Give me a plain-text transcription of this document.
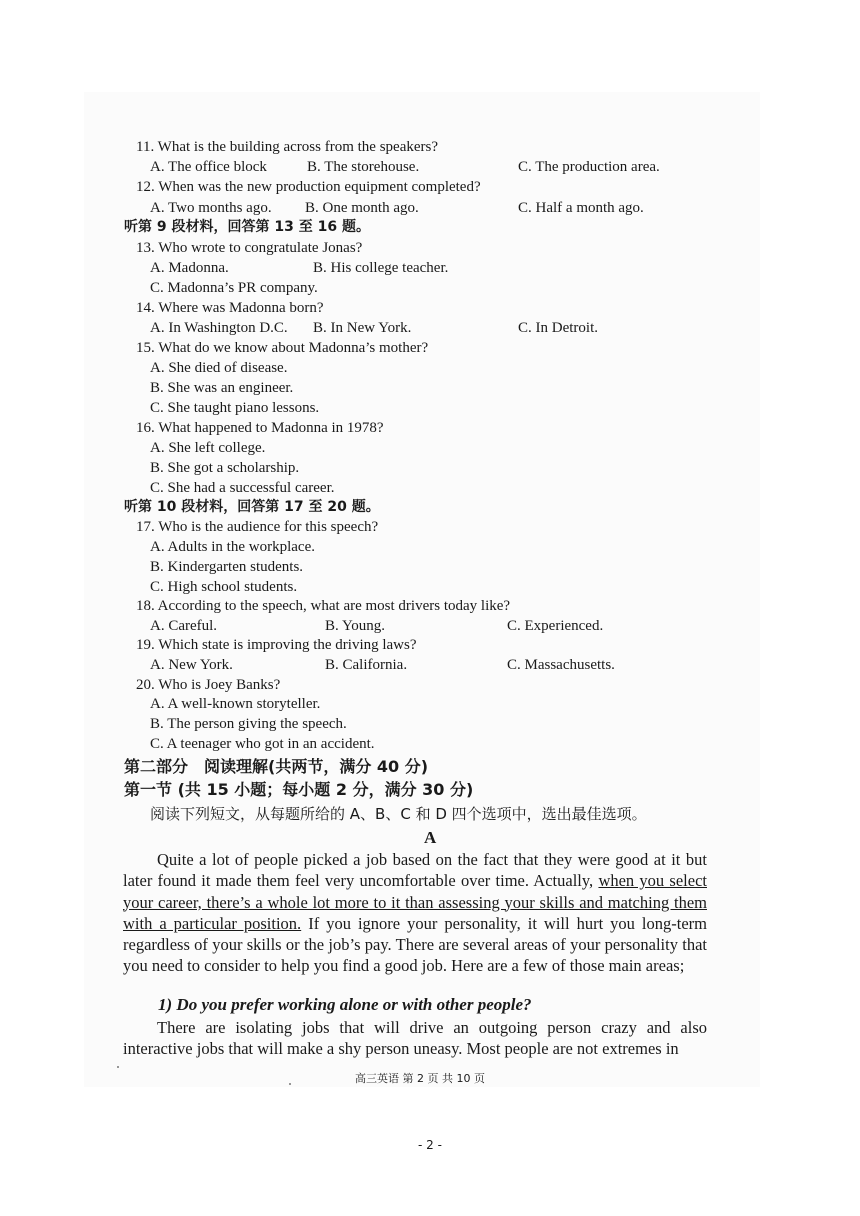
11. What is the building across from the speakers?
A. The office block	B. The storehouse.	C. The production area.
12. When was the new production equipment completed?
A. Two months ago. B. One month ago.	C. Half a month ago.
听第 9 段材料，回答第 13 至 16 题。
13. Who wrote to congratulate Jonas?
A. Madonna.	B. His college teacher.
C. Madonna’s PR company.
14. Where was Madonna born?
A. In Washington D.C. B. In New York.	C. In Detroit.
15. What do we know about Madonna’s mother?
A. She died of disease.
B. She was an engineer.
C. She taught piano lessons.
16. What happened to Madonna in 1978?
A. She left college.
B. She got a scholarship.
C. She had a successful career.
听第 10 段材料，回答第 17 至 20 题。
17. Who is the audience for this speech?
A. Adults in the workplace.
B. Kindergarten students.
C. High school students.
18. According to the speech, what are most drivers today like?
A. Careful.	B. Young.	C. Experienced.
19. Which state is improving the driving laws?
A. New York.	B. California.	C. Massachusetts.
20. Who is Joey Banks?
A. A well-known storyteller.
B. The person giving the speech.
C. A teenager who got in an accident.
第二部分　阅读理解(共两节，满分 40 分)
第一节 (共 15 小题；每小题 2 分，满分 30 分)
阅读下列短文，从每题所给的 A、B、C 和 D 四个选项中，选出最佳选项。
A

Quite a lot of people picked a job based on the fact that they were good at it but later found it made them feel very uncomfortable over time. Actually, when you select your career, there’s a whole lot more to it than assessing your skills and matching them with a particular position. If you ignore your personality, it will hurt you long-term regardless of your skills or the job’s pay. There are several areas of your personality that you need to consider to help you find a good job. Here are a few of those main areas;

1) Do you prefer working alone or with other people?

There are isolating jobs that will drive an outgoing person crazy and also interactive jobs that will make a shy person uneasy. Most people are not extremes in

高三英语 第 2 页 共 10 页
- 2 -
